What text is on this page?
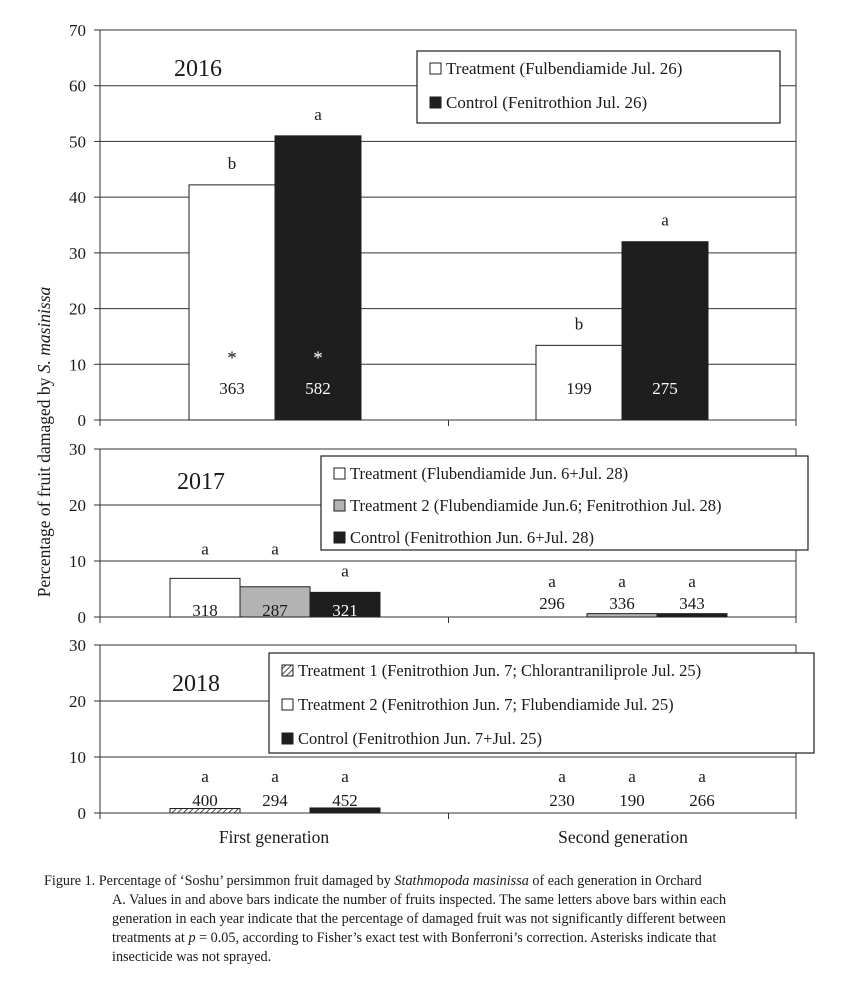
0
10
20
30
40
50
60
70
2016
b
363
*
a
582
*
b
199
a
275
Treatment (Fulbendiamide Jul. 26)
Control (Fenitrothion Jul. 26)
0
10
20
30
2017
a
318
a
287
a
321
a
296
a
336
a
343
Treatment (Flubendiamide Jun. 6+Jul. 28)
Treatment 2 (Flubendiamide Jun.6; Fenitrothion Jul. 28)
Control (Fenitrothion Jun. 6+Jul. 28)
0
10
20
30
2018
a
400
a
294
a
452
a
230
a
190
a
266
Treatment 1 (Fenitrothion Jun. 7; Chlorantraniliprole Jul. 25)
Treatment 2 (Fenitrothion Jun. 7; Flubendiamide Jul. 25)
Control (Fenitrothion Jun. 7+Jul. 25)
First generation	Second generation
Percentage of fruit damaged by S. masinissa
Figure 1. Percentage of ‘Soshu’ persimmon fruit damaged by Stathmopoda masinissa of each generation in Orchard
A. Values in and above bars indicate the number of fruits inspected. The same letters above bars within each
generation in each year indicate that the percentage of damaged fruit was not significantly different between
treatments at p = 0.05, according to Fisher’s exact test with Bonferroni’s correction. Asterisks indicate that
insecticide was not sprayed.
